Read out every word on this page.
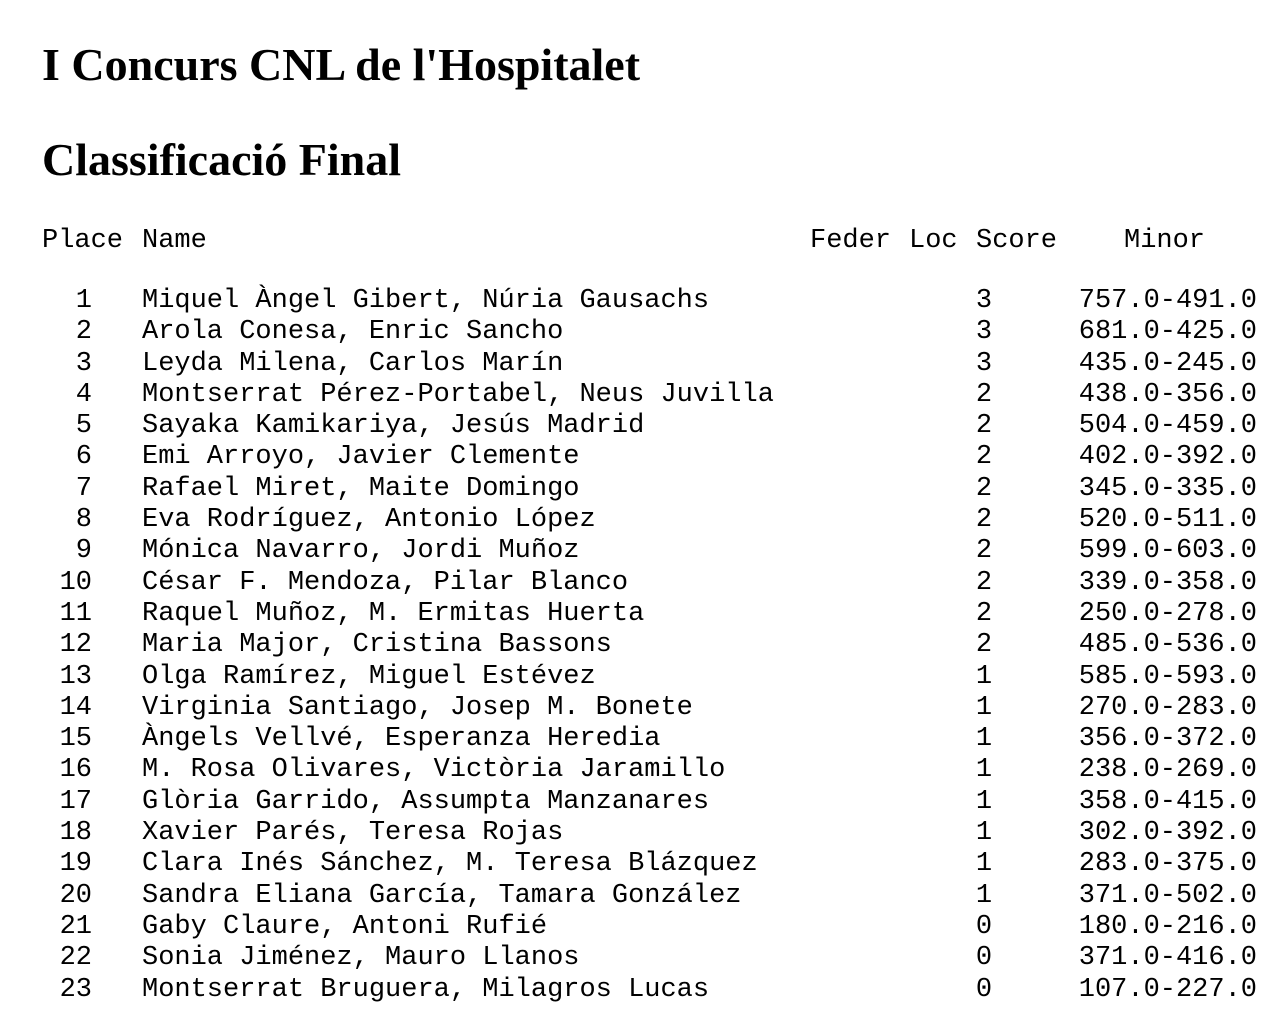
I Concurs CNL de l'Hospitalet
Classificació Final
Place Name	Feder Loc Score Minor
1 Miquel Àngel Gibert, Núria Gausachs	3	757.0-491.0
2 Arola Conesa, Enric Sancho	3	681.0-425.0
3 Leyda Milena, Carlos Marín	3	435.0-245.0
4 Montserrat Pérez-Portabel, Neus Juvilla	2	438.0-356.0
5 Sayaka Kamikariya, Jesús Madrid	2	504.0-459.0
6 Emi Arroyo, Javier Clemente	2	402.0-392.0
7 Rafael Miret, Maite Domingo	2	345.0-335.0
8 Eva Rodríguez, Antonio López	2	520.0-511.0
9 Mónica Navarro, Jordi Muñoz	2	599.0-603.0
10 César F. Mendoza, Pilar Blanco	2	339.0-358.0
11 Raquel Muñoz, M. Ermitas Huerta	2	250.0-278.0
12 Maria Major, Cristina Bassons	2	485.0-536.0
13 Olga Ramírez, Miguel Estévez	1	585.0-593.0
14 Virginia Santiago, Josep M. Bonete	1	270.0-283.0
15 Àngels Vellvé, Esperanza Heredia	1	356.0-372.0
16 M. Rosa Olivares, Victòria Jaramillo	1	238.0-269.0
17 Glòria Garrido, Assumpta Manzanares	1	358.0-415.0
18 Xavier Parés, Teresa Rojas	1	302.0-392.0
19 Clara Inés Sánchez, M. Teresa Blázquez	1	283.0-375.0
20 Sandra Eliana García, Tamara González	1	371.0-502.0
21 Gaby Claure, Antoni Rufié	0	180.0-216.0
22 Sonia Jiménez, Mauro Llanos	0	371.0-416.0
23 Montserrat Bruguera, Milagros Lucas	0	107.0-227.0
